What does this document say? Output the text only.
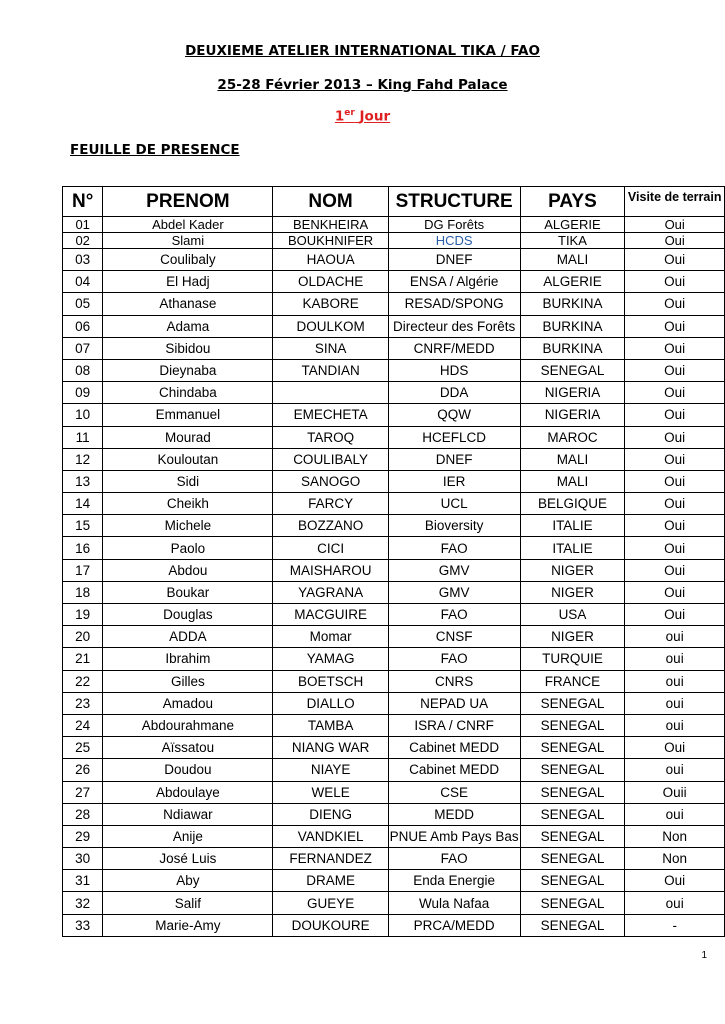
DEUXIEME ATELIER INTERNATIONAL TIKA / FAO
25-28 Février 2013 – King Fahd Palace
1er Jour
FEUILLE DE PRESENCE
N°	PRENOM	NOM	STRUCTURE	PAYS	Visite de terrain
01	Abdel Kader	BENKHEIRA	DG Forêts	ALGERIE	Oui
02	Slami	BOUKHNIFER	HCDS	TIKA	Oui
03	Coulibaly	HAOUA	DNEF	MALI	Oui
04	El Hadj	OLDACHE	ENSA / Algérie	ALGERIE	Oui
05	Athanase	KABORE	RESAD/SPONG	BURKINA	Oui
06	Adama	DOULKOM	Directeur des Forêts	BURKINA	Oui
07	Sibidou	SINA	CNRF/MEDD	BURKINA	Oui
08	Dieynaba	TANDIAN	HDS	SENEGAL	Oui
09	Chindaba		DDA	NIGERIA	Oui
10	Emmanuel	EMECHETA	QQW	NIGERIA	Oui
11	Mourad	TAROQ	HCEFLCD	MAROC	Oui
12	Kouloutan	COULIBALY	DNEF	MALI	Oui
13	Sidi	SANOGO	IER	MALI	Oui
14	Cheikh	FARCY	UCL	BELGIQUE	Oui
15	Michele	BOZZANO	Bioversity	ITALIE	Oui
16	Paolo	CICI	FAO	ITALIE	Oui
17	Abdou	MAISHAROU	GMV	NIGER	Oui
18	Boukar	YAGRANA	GMV	NIGER	Oui
19	Douglas	MACGUIRE	FAO	USA	Oui
20	ADDA	Momar	CNSF	NIGER	oui
21	Ibrahim	YAMAG	FAO	TURQUIE	oui
22	Gilles	BOETSCH	CNRS	FRANCE	oui
23	Amadou	DIALLO	NEPAD UA	SENEGAL	oui
24	Abdourahmane	TAMBA	ISRA / CNRF	SENEGAL	oui
25	Aïssatou	NIANG WAR	Cabinet MEDD	SENEGAL	Oui
26	Doudou	NIAYE	Cabinet MEDD	SENEGAL	oui
27	Abdoulaye	WELE	CSE	SENEGAL	Ouii
28	Ndiawar	DIENG	MEDD	SENEGAL	oui
29	Anije	VANDKIEL	PNUE Amb Pays Bas	SENEGAL	Non
30	José Luis	FERNANDEZ	FAO	SENEGAL	Non
31	Aby	DRAME	Enda Energie	SENEGAL	Oui
32	Salif	GUEYE	Wula Nafaa	SENEGAL	oui
33	Marie-Amy	DOUKOURE	PRCA/MEDD	SENEGAL	-
1
